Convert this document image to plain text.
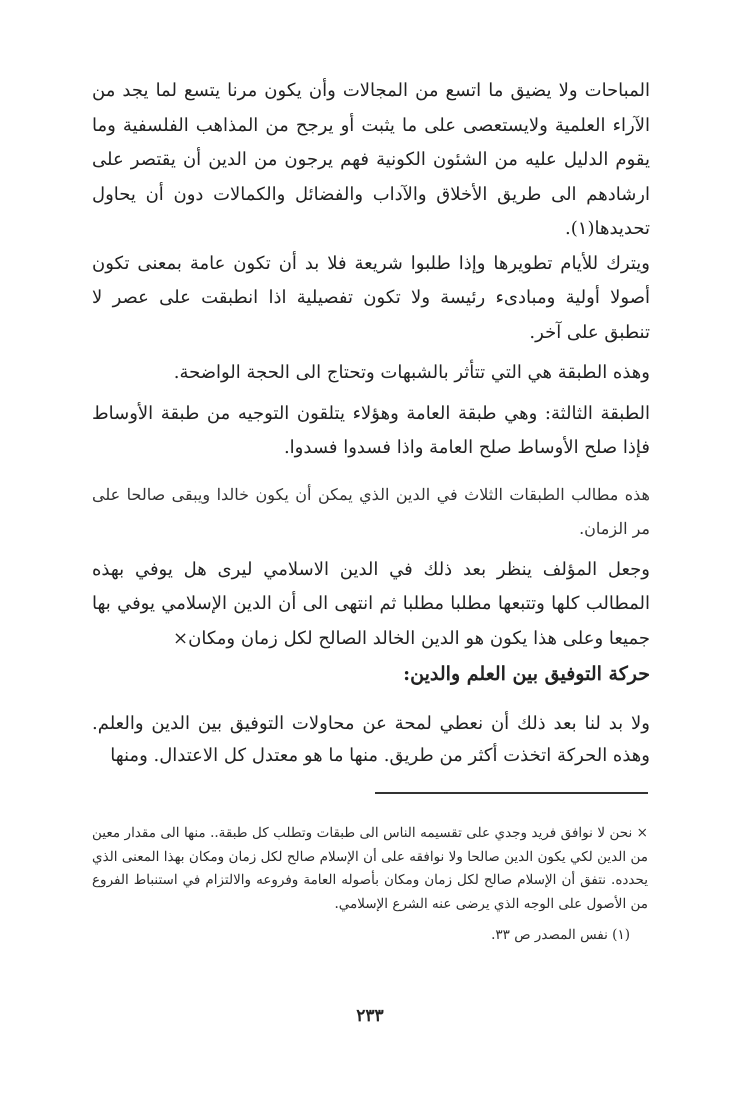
المباحات ولا يضيق ما اتسع من المجالات وأن يكون مرنا يتسع لما يجد من الآراء العلمية ولايستعصى على ما يثبت أو يرجح من المذاهب الفلسفية وما يقوم الدليل عليه من الشئون الكونية فهم يرجون من الدين أن يقتصر على ارشادهم الى طريق الأخلاق والآداب والفضائل والكمالات دون أن يحاول تحديدها(١).

ويترك للأيام تطويرها وإذا طلبوا شريعة فلا بد أن تكون عامة بمعنى تكون أصولا أولية ومبادىء رئيسة ولا تكون تفصيلية اذا انطبقت على عصر لا تنطبق على آخر.

وهذه الطبقة هي التي تتأثر بالشبهات وتحتاج الى الحجة الواضحة.

الطبقة الثالثة: وهي طبقة العامة وهؤلاء يتلقون التوجيه من طبقة الأوساط فإذا صلح الأوساط صلح العامة واذا فسدوا فسدوا.

هذه مطالب الطبقات الثلاث في الدين الذي يمكن أن يكون خالدا ويبقى صالحا على مر الزمان.

وجعل المؤلف ينظر بعد ذلك في الدين الاسلامي ليرى هل يوفي بهذه المطالب كلها وتتبعها مطلبا مطلبا ثم انتهى الى أن الدين الإسلامي يوفي بها جميعا وعلى هذا يكون هو الدين الخالد الصالح لكل زمان ومكان×

حركة التوفيق بين العلم والدين:

ولا بد لنا بعد ذلك أن نعطي لمحة عن محاولات التوفيق بين الدين والعلم. وهذه الحركة اتخذت أكثر من طريق. منها ما هو معتدل كل الاعتدال. ومنها

× نحن لا نوافق فريد وجدي على تقسيمه الناس الى طبقات وتطلب كل طبقة.. منها الى مقدار معين من الدين لكي يكون الدين صالحا ولا نوافقه على أن الإسلام صالح لكل زمان ومكان بهذا المعنى الذي يحدده. نتفق أن الإسلام صالح لكل زمان ومكان بأصوله العامة وفروعه والالتزام في استنباط الفروع من الأصول على الوجه الذي يرضى عنه الشرع الإسلامي.

(١) نفس المصدر ص ٣٣.

٢٣٣
